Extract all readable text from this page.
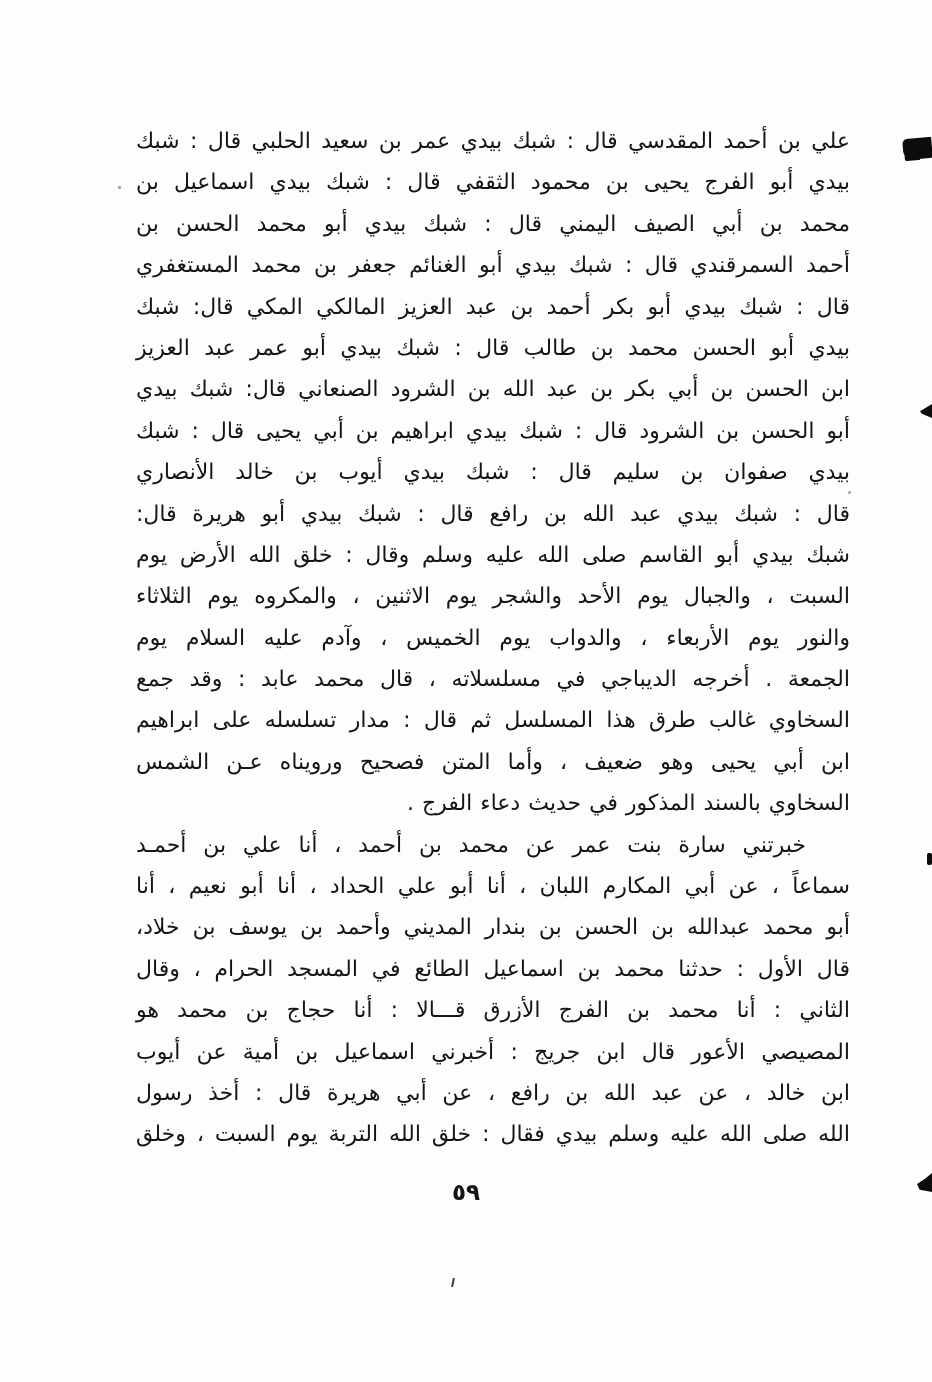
علي بن أحمد المقدسي قال : شبك بيدي عمر بن سعيد الحلبي قال : شبك
بيدي أبو الفرج يحيى بن محمود الثقفي قال : شبك بيدي اسماعيل بن
محمد بن أبي الصيف اليمني قال : شبك بيدي أبو محمد الحسن بن
أحمد السمرقندي قال : شبك بيدي أبو الغنائم جعفر بن محمد المستغفري
قال : شبك بيدي أبو بكر أحمد بن عبد العزيز المالكي المكي قال: شبك
بيدي أبو الحسن محمد بن طالب قال : شبك بيدي أبو عمر عبد العزيز
ابن الحسن بن أبي بكر بن عبد الله بن الشرود الصنعاني قال: شبك بيدي
أبو الحسن بن الشرود قال : شبك بيدي ابراهيم بن أبي يحيى قال : شبك
بيدي صفوان بن سليم قال : شبك بيدي أيوب بن خالد الأنصاري
قال : شبك بيدي عبد الله بن رافع قال : شبك بيدي أبو هريرة قال:
شبك بيدي أبو القاسم صلى الله عليه وسلم وقال : خلق الله الأرض يوم
السبت ، والجبال يوم الأحد والشجر يوم الاثنين ، والمكروه يوم الثلاثاء
والنور يوم الأربعاء ، والدواب يوم الخميس ، وآدم عليه السلام يوم
الجمعة . أخرجه الديباجي في مسلسلاته ، قال محمد عابد : وقد جمع
السخاوي غالب طرق هذا المسلسل ثم قال : مدار تسلسله على ابراهيم
ابن أبي يحيى وهو ضعيف ، وأما المتن فصحيح ورويناه عـن الشمس
السخاوي بالسند المذكور في حديث دعاء الفرج .
خبرتني سارة بنت عمر عن محمد بن أحمد ، أنا علي بن أحمـد
سماعاً ، عن أبي المكارم اللبان ، أنا أبو علي الحداد ، أنا أبو نعيم ، أنا
أبو محمد عبدالله بن الحسن بن بندار المديني وأحمد بن يوسف بن خلاد،
قال الأول : حدثنا محمد بن اسماعيل الطائع في المسجد الحرام ، وقال
الثاني : أنا محمد بن الفرج الأزرق قـــالا : أنا حجاج بن محمد هو
المصيصي الأعور قال ابن جريج : أخبرني اسماعيل بن أمية عن أيوب
ابن خالد ، عن عبد الله بن رافع ، عن أبي هريرة قال : أخذ رسول
الله صلى الله عليه وسلم بيدي فقال : خلق الله التربة يوم السبت ، وخلق
٥٩
